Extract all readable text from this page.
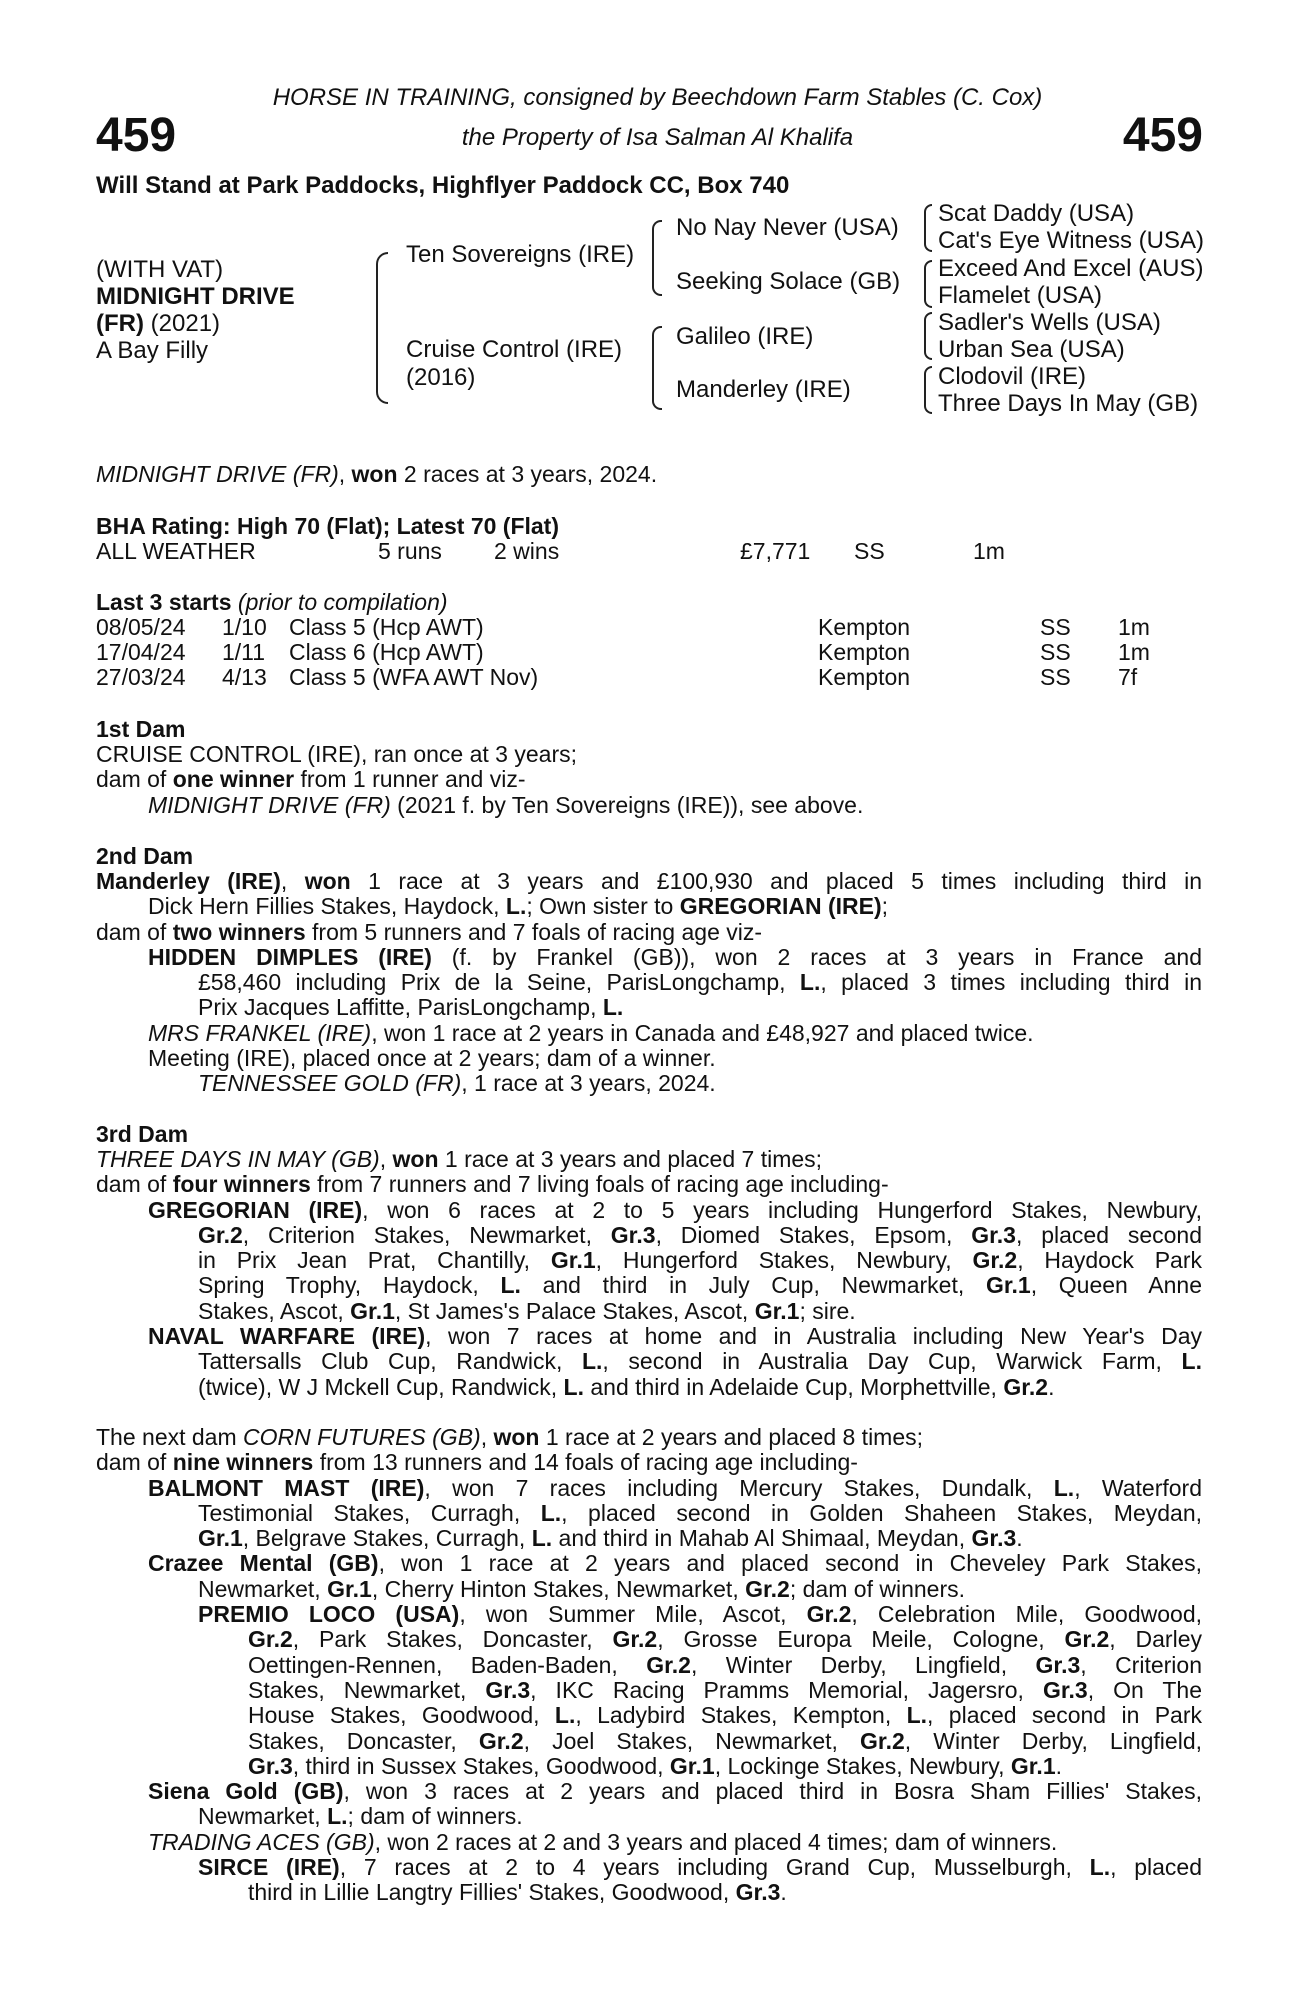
HORSE IN TRAINING, consigned by Beechdown Farm Stables (C. Cox)
459	459
the Property of Isa Salman Al Khalifa
Will Stand at Park Paddocks, Highflyer Paddock CC, Box 740
(WITH VAT)
MIDNIGHT DRIVE
(FR) (2021)
A Bay Filly
Ten Sovereigns (IRE)
Cruise Control (IRE)
(2016)
No Nay Never (USA)
Seeking Solace (GB)
Galileo (IRE)
Manderley (IRE)
Scat Daddy (USA)
Cat's Eye Witness (USA)
Exceed And Excel (AUS)
Flamelet (USA)
Sadler's Wells (USA)
Urban Sea (USA)
Clodovil (IRE)
Three Days In May (GB)
MIDNIGHT DRIVE (FR), won 2 races at 3 years, 2024.
BHA Rating: High 70 (Flat); Latest 70 (Flat)
ALL WEATHER	5 runs 2 wins	£7,771 SS	1m
Last 3 starts (prior to compilation)
08/05/24 1/10 Class 5 (Hcp AWT)	Kempton	SS 1m
17/04/24 1/11 Class 6 (Hcp AWT)	Kempton	SS 1m
27/03/24 4/13 Class 5 (WFA AWT Nov)	Kempton	SS 7f
1st Dam
CRUISE CONTROL (IRE), ran once at 3 years;
dam of one winner from 1 runner and viz-
MIDNIGHT DRIVE (FR) (2021 f. by Ten Sovereigns (IRE)), see above.
2nd Dam
Manderley (IRE), won 1 race at 3 years and £100,930 and placed 5 times including third in
Dick Hern Fillies Stakes, Haydock, L.; Own sister to GREGORIAN (IRE);
dam of two winners from 5 runners and 7 foals of racing age viz-
HIDDEN DIMPLES (IRE) (f. by Frankel (GB)), won 2 races at 3 years in France and
£58,460 including Prix de la Seine, ParisLongchamp, L., placed 3 times including third in
Prix Jacques Laffitte, ParisLongchamp, L.
MRS FRANKEL (IRE), won 1 race at 2 years in Canada and £48,927 and placed twice.
Meeting (IRE), placed once at 2 years; dam of a winner.
TENNESSEE GOLD (FR), 1 race at 3 years, 2024.
3rd Dam
THREE DAYS IN MAY (GB), won 1 race at 3 years and placed 7 times;
dam of four winners from 7 runners and 7 living foals of racing age including-
GREGORIAN (IRE), won 6 races at 2 to 5 years including Hungerford Stakes, Newbury,
Gr.2, Criterion Stakes, Newmarket, Gr.3, Diomed Stakes, Epsom, Gr.3, placed second
in Prix Jean Prat, Chantilly, Gr.1, Hungerford Stakes, Newbury, Gr.2, Haydock Park
Spring Trophy, Haydock, L. and third in July Cup, Newmarket, Gr.1, Queen Anne
Stakes, Ascot, Gr.1, St James's Palace Stakes, Ascot, Gr.1; sire.
NAVAL WARFARE (IRE), won 7 races at home and in Australia including New Year's Day
Tattersalls Club Cup, Randwick, L., second in Australia Day Cup, Warwick Farm, L.
(twice), W J Mckell Cup, Randwick, L. and third in Adelaide Cup, Morphettville, Gr.2.
The next dam CORN FUTURES (GB), won 1 race at 2 years and placed 8 times;
dam of nine winners from 13 runners and 14 foals of racing age including-
BALMONT MAST (IRE), won 7 races including Mercury Stakes, Dundalk, L., Waterford
Testimonial Stakes, Curragh, L., placed second in Golden Shaheen Stakes, Meydan,
Gr.1, Belgrave Stakes, Curragh, L. and third in Mahab Al Shimaal, Meydan, Gr.3.
Crazee Mental (GB), won 1 race at 2 years and placed second in Cheveley Park Stakes,
Newmarket, Gr.1, Cherry Hinton Stakes, Newmarket, Gr.2; dam of winners.
PREMIO LOCO (USA), won Summer Mile, Ascot, Gr.2, Celebration Mile, Goodwood,
Gr.2, Park Stakes, Doncaster, Gr.2, Grosse Europa Meile, Cologne, Gr.2, Darley
Oettingen-Rennen, Baden-Baden, Gr.2, Winter Derby, Lingfield, Gr.3, Criterion
Stakes, Newmarket, Gr.3, IKC Racing Pramms Memorial, Jagersro, Gr.3, On The
House Stakes, Goodwood, L., Ladybird Stakes, Kempton, L., placed second in Park
Stakes, Doncaster, Gr.2, Joel Stakes, Newmarket, Gr.2, Winter Derby, Lingfield,
Gr.3, third in Sussex Stakes, Goodwood, Gr.1, Lockinge Stakes, Newbury, Gr.1.
Siena Gold (GB), won 3 races at 2 years and placed third in Bosra Sham Fillies' Stakes,
Newmarket, L.; dam of winners.
TRADING ACES (GB), won 2 races at 2 and 3 years and placed 4 times; dam of winners.
SIRCE (IRE), 7 races at 2 to 4 years including Grand Cup, Musselburgh, L., placed
third in Lillie Langtry Fillies' Stakes, Goodwood, Gr.3.
